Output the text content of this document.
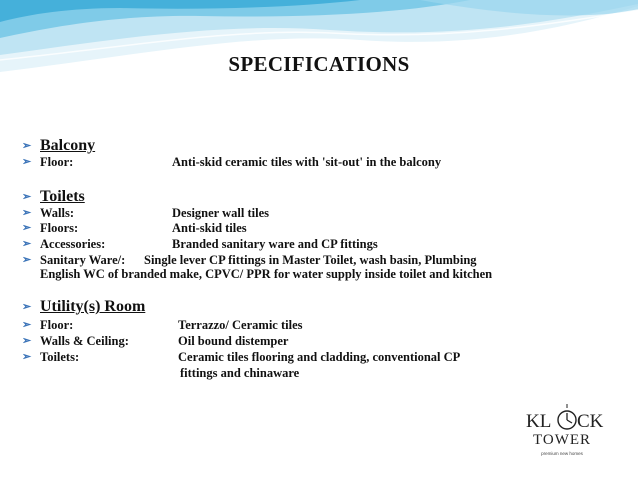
SPECIFICATIONS
➢ Balcony
➢ Floor:	Anti-skid ceramic tiles with 'sit-out' in the balcony
➢ Toilets
➢ Walls:	Designer wall tiles
➢ Floors:	Anti-skid tiles
➢ Accessories:	Branded sanitary ware and CP fittings
➢ Sanitary Ware/: Single lever CP fittings in Master Toilet, wash basin, Plumbing
English WC of branded make, CPVC/ PPR for water supply inside toilet and kitchen
➢ Utility(s) Room
➢ Floor:	Terrazzo/ Ceramic tiles
➢ Walls & Ceiling:	Oil bound distemper
➢ Toilets:	Ceramic tiles flooring and cladding, conventional CP
fittings and chinaware
KL CK
TOWER
premium new homes
